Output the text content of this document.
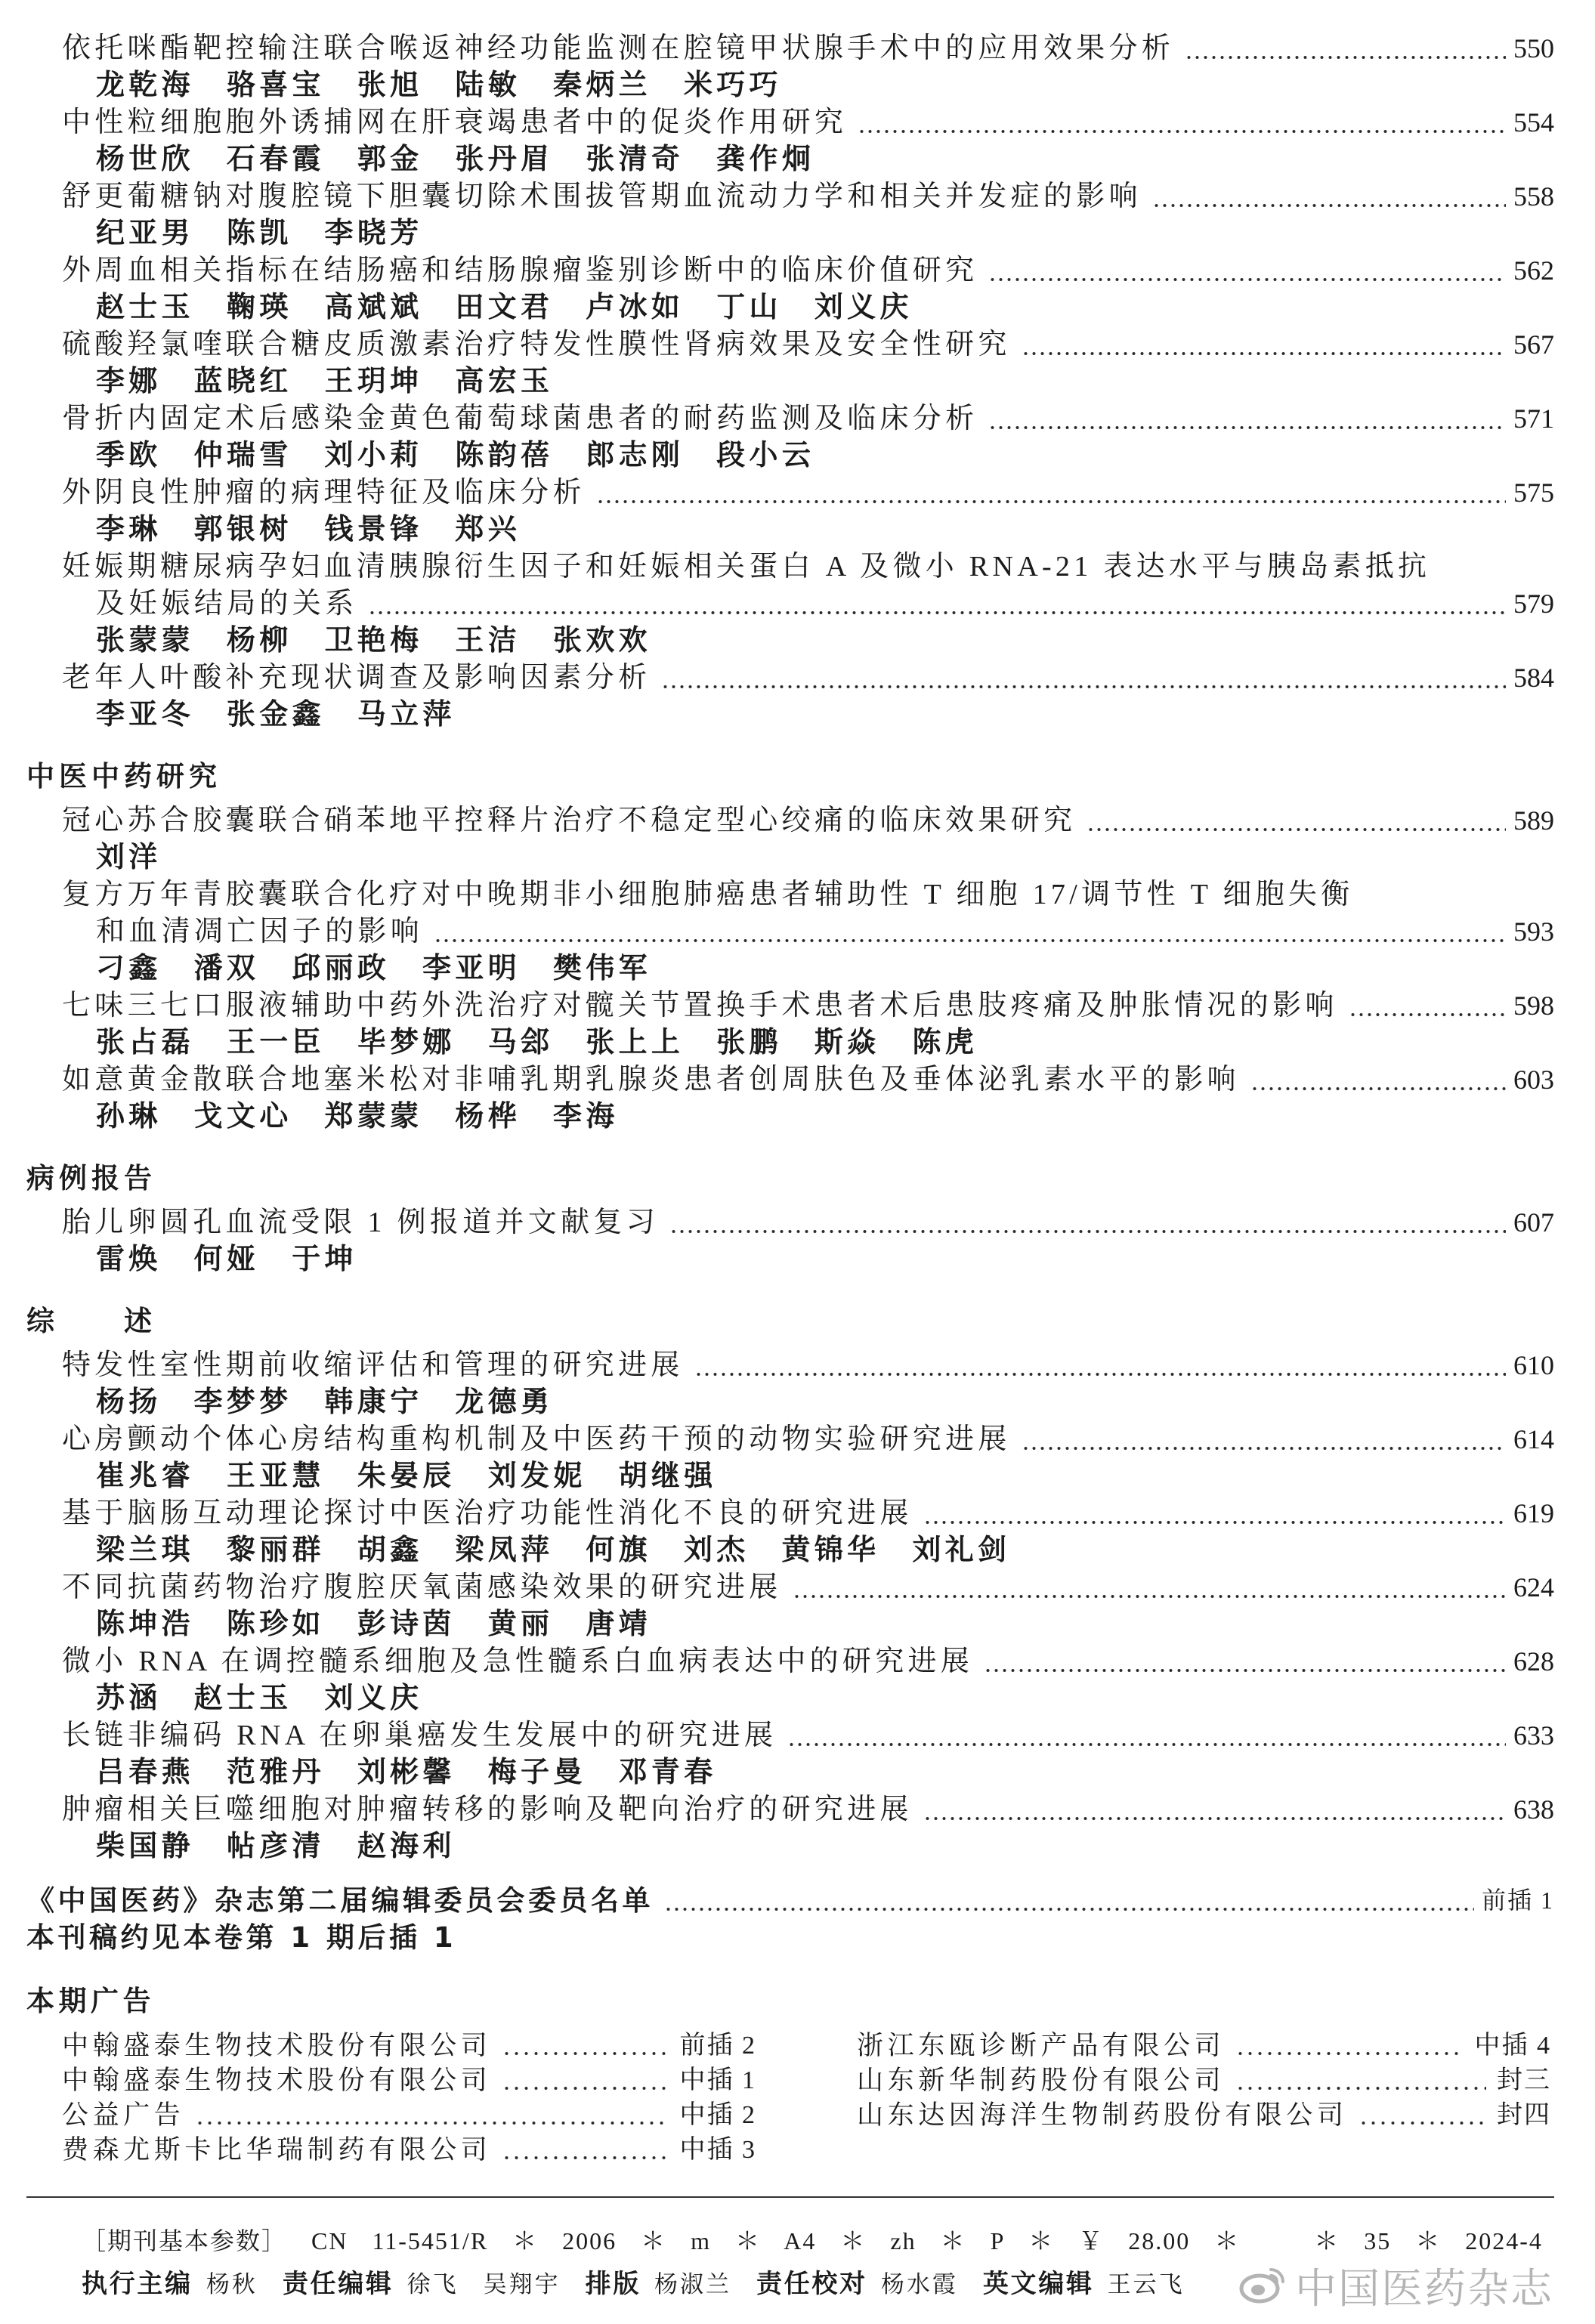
依托咪酯靶控输注联合喉返神经功能监测在腔镜甲状腺手术中的应用效果分析	550
龙乾海 骆喜宝 张旭 陆敏 秦炳兰 米巧巧
中性粒细胞胞外诱捕网在肝衰竭患者中的促炎作用研究	554
杨世欣 石春霞 郭金 张丹眉 张清奇 龚作炯
舒更葡糖钠对腹腔镜下胆囊切除术围拔管期血流动力学和相关并发症的影响	558
纪亚男 陈凯 李晓芳
外周血相关指标在结肠癌和结肠腺瘤鉴别诊断中的临床价值研究	562
赵士玉 鞠瑛 高斌斌 田文君 卢冰如 丁山 刘义庆
硫酸羟氯喹联合糖皮质激素治疗特发性膜性肾病效果及安全性研究	567
李娜 蓝晓红 王玥坤 高宏玉
骨折内固定术后感染金黄色葡萄球菌患者的耐药监测及临床分析	571
季欧 仲瑞雪 刘小莉 陈韵蓓 郎志刚 段小云
外阴良性肿瘤的病理特征及临床分析	575
李琳 郭银树 钱景锋 郑兴
妊娠期糖尿病孕妇血清胰腺衍生因子和妊娠相关蛋白 A 及微小 RNA-21 表达水平与胰岛素抵抗
及妊娠结局的关系	579
张蒙蒙 杨柳 卫艳梅 王洁 张欢欢
老年人叶酸补充现状调查及影响因素分析	584
李亚冬 张金鑫 马立萍
中医中药研究
冠心苏合胶囊联合硝苯地平控释片治疗不稳定型心绞痛的临床效果研究	589
刘洋
复方万年青胶囊联合化疗对中晚期非小细胞肺癌患者辅助性 T 细胞 17/调节性 T 细胞失衡
和血清凋亡因子的影响	593
刁鑫 潘双 邱丽政 李亚明 樊伟军
七味三七口服液辅助中药外洗治疗对髋关节置换手术患者术后患肢疼痛及肿胀情况的影响	598
张占磊 王一臣 毕梦娜 马郐 张上上 张鹏 斯焱 陈虎
如意黄金散联合地塞米松对非哺乳期乳腺炎患者创周肤色及垂体泌乳素水平的影响	603
孙琳 戈文心 郑蒙蒙 杨桦 李海
病例报告
胎儿卵圆孔血流受限 1 例报道并文献复习	607
雷焕 何娅 于坤
综　　述
特发性室性期前收缩评估和管理的研究进展	610
杨扬 李梦梦 韩康宁 龙德勇
心房颤动个体心房结构重构机制及中医药干预的动物实验研究进展	614
崔兆睿 王亚慧 朱晏辰 刘发妮 胡继强
基于脑肠互动理论探讨中医治疗功能性消化不良的研究进展	619
梁兰琪 黎丽群 胡鑫 梁凤萍 何旗 刘杰 黄锦华 刘礼剑
不同抗菌药物治疗腹腔厌氧菌感染效果的研究进展	624
陈坤浩 陈珍如 彭诗茵 黄丽 唐靖
微小 RNA 在调控髓系细胞及急性髓系白血病表达中的研究进展	628
苏涵 赵士玉 刘义庆
长链非编码 RNA 在卵巢癌发生发展中的研究进展	633
吕春燕 范雅丹 刘彬馨 梅子曼 邓青春
肿瘤相关巨噬细胞对肿瘤转移的影响及靶向治疗的研究进展	638
柴国静 帖彦清 赵海利
《中国医药》杂志第二届编辑委员会委员名单	前插 1
本刊稿约见本卷第 1 期后插 1
本期广告
中翰盛泰生物技术股份有限公司	前插 2
中翰盛泰生物技术股份有限公司	中插 1
公益广告	中插 2
费森尤斯卡比华瑞制药有限公司	中插 3
浙江东瓯诊断产品有限公司	中插 4
山东新华制药股份有限公司	封三
山东达因海洋生物制药股份有限公司	封四
［期刊基本参数］ CN 11-5451/R ＊ 2006 ＊ m ＊ A4 ＊ zh ＊ P ＊ ￥ 28.00 ＊ 　 ＊ 35 ＊ 2024-4
执行主编 杨秋 责任编辑 徐飞 吴翔宇 排版 杨淑兰 责任校对 杨水霞 英文编辑 王云飞	中国医药杂志
